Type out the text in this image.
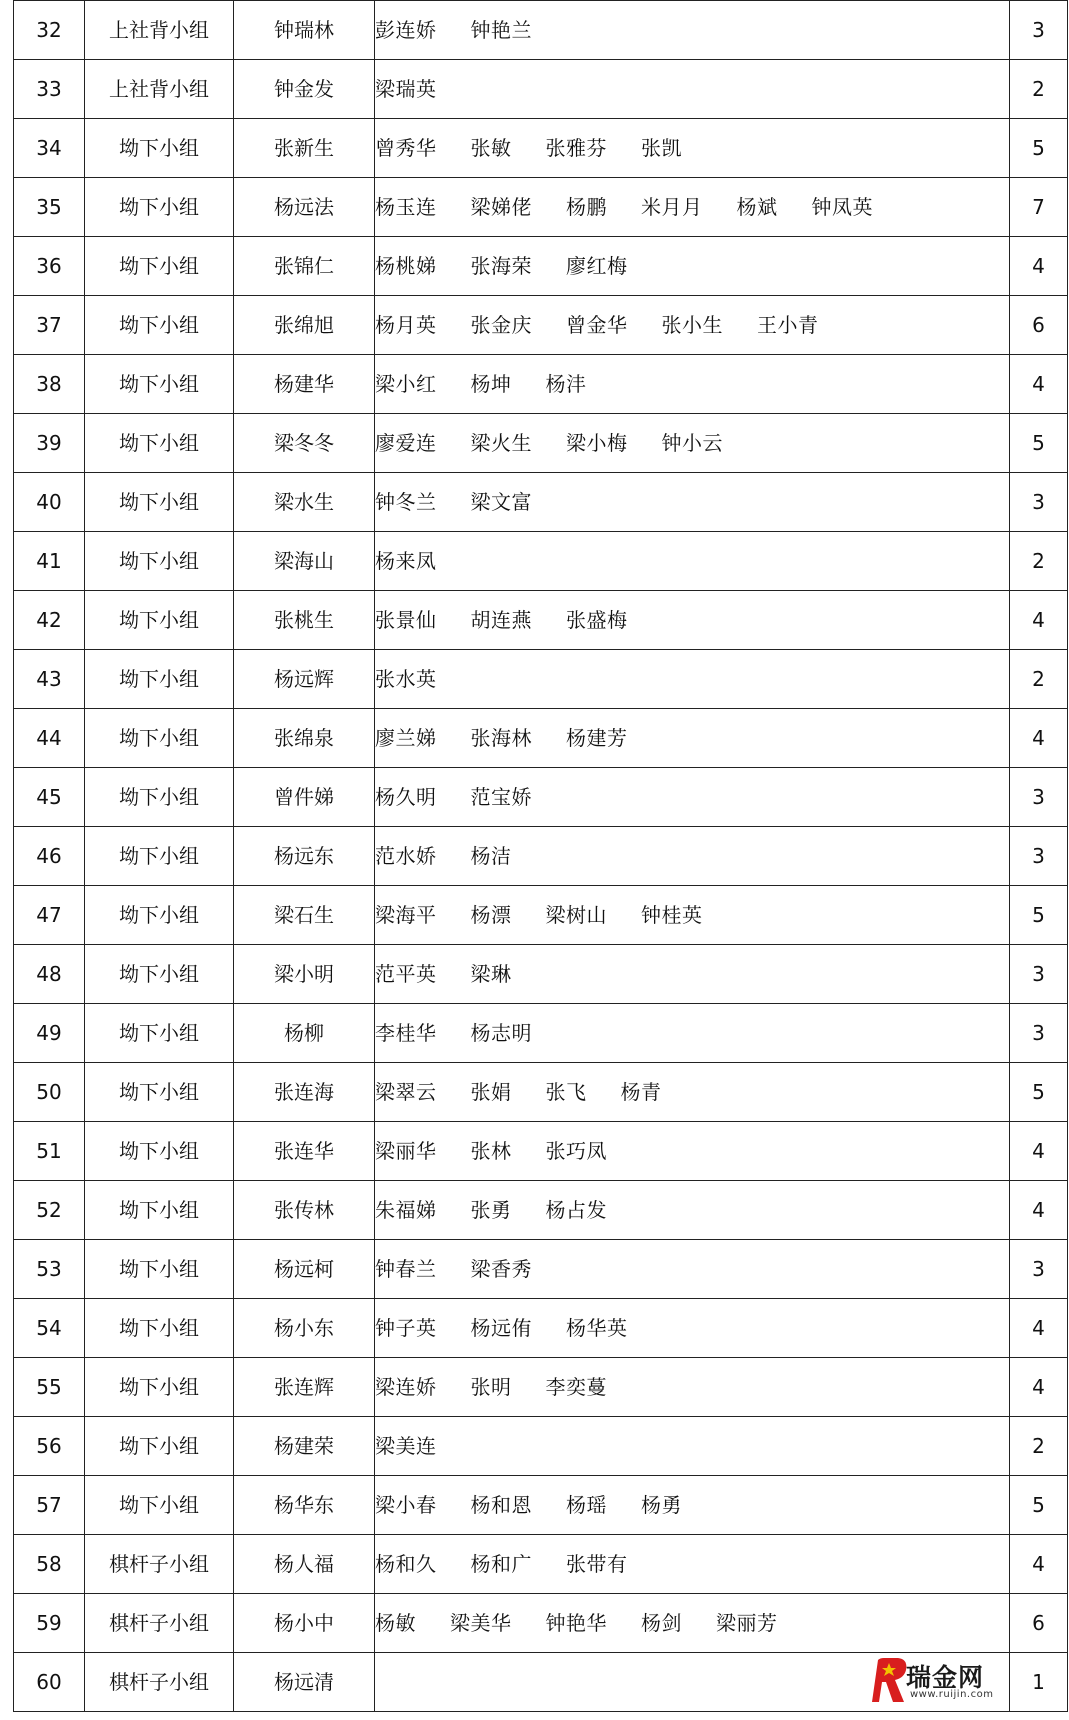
32	上社背小组	钟瑞林	彭连娇 钟艳兰	3
33	上社背小组	钟金发	梁瑞英	2
34	坳下小组	张新生	曾秀华 张敏 张雅芬 张凯	5
35	坳下小组	杨远法	杨玉连 梁娣佬 杨鹏 米月月 杨斌 钟凤英	7
36	坳下小组	张锦仁	杨桃娣 张海荣 廖红梅	4
37	坳下小组	张绵旭	杨月英 张金庆 曾金华 张小生 王小青	6
38	坳下小组	杨建华	梁小红 杨坤 杨沣	4
39	坳下小组	梁冬冬	廖爱连 梁火生 梁小梅 钟小云	5
40	坳下小组	梁水生	钟冬兰 梁文富	3
41	坳下小组	梁海山	杨来凤	2
42	坳下小组	张桃生	张景仙 胡连燕 张盛梅	4
43	坳下小组	杨远辉	张水英	2
44	坳下小组	张绵泉	廖兰娣 张海林 杨建芳	4
45	坳下小组	曾件娣	杨久明 范宝娇	3
46	坳下小组	杨远东	范水娇 杨洁	3
47	坳下小组	梁石生	梁海平 杨漂 梁树山 钟桂英	5
48	坳下小组	梁小明	范平英 梁琳	3
49	坳下小组	杨柳	李桂华 杨志明	3
50	坳下小组	张连海	梁翠云 张娟 张飞 杨青	5
51	坳下小组	张连华	梁丽华 张林 张巧凤	4
52	坳下小组	张传林	朱福娣 张勇 杨占发	4
53	坳下小组	杨远柯	钟春兰 梁香秀	3
54	坳下小组	杨小东	钟子英 杨远侑 杨华英	4
55	坳下小组	张连辉	梁连娇 张明 李奕蔓	4
56	坳下小组	杨建荣	梁美连	2
57	坳下小组	杨华东	梁小春 杨和恩 杨瑶 杨勇	5
58	棋杆子小组	杨人福	杨和久 杨和广 张带有	4
59	棋杆子小组	杨小中	杨敏 梁美华 钟艳华 杨剑 梁丽芳	6
60	棋杆子小组	杨远清		1
瑞金网
www.ruijin.com
